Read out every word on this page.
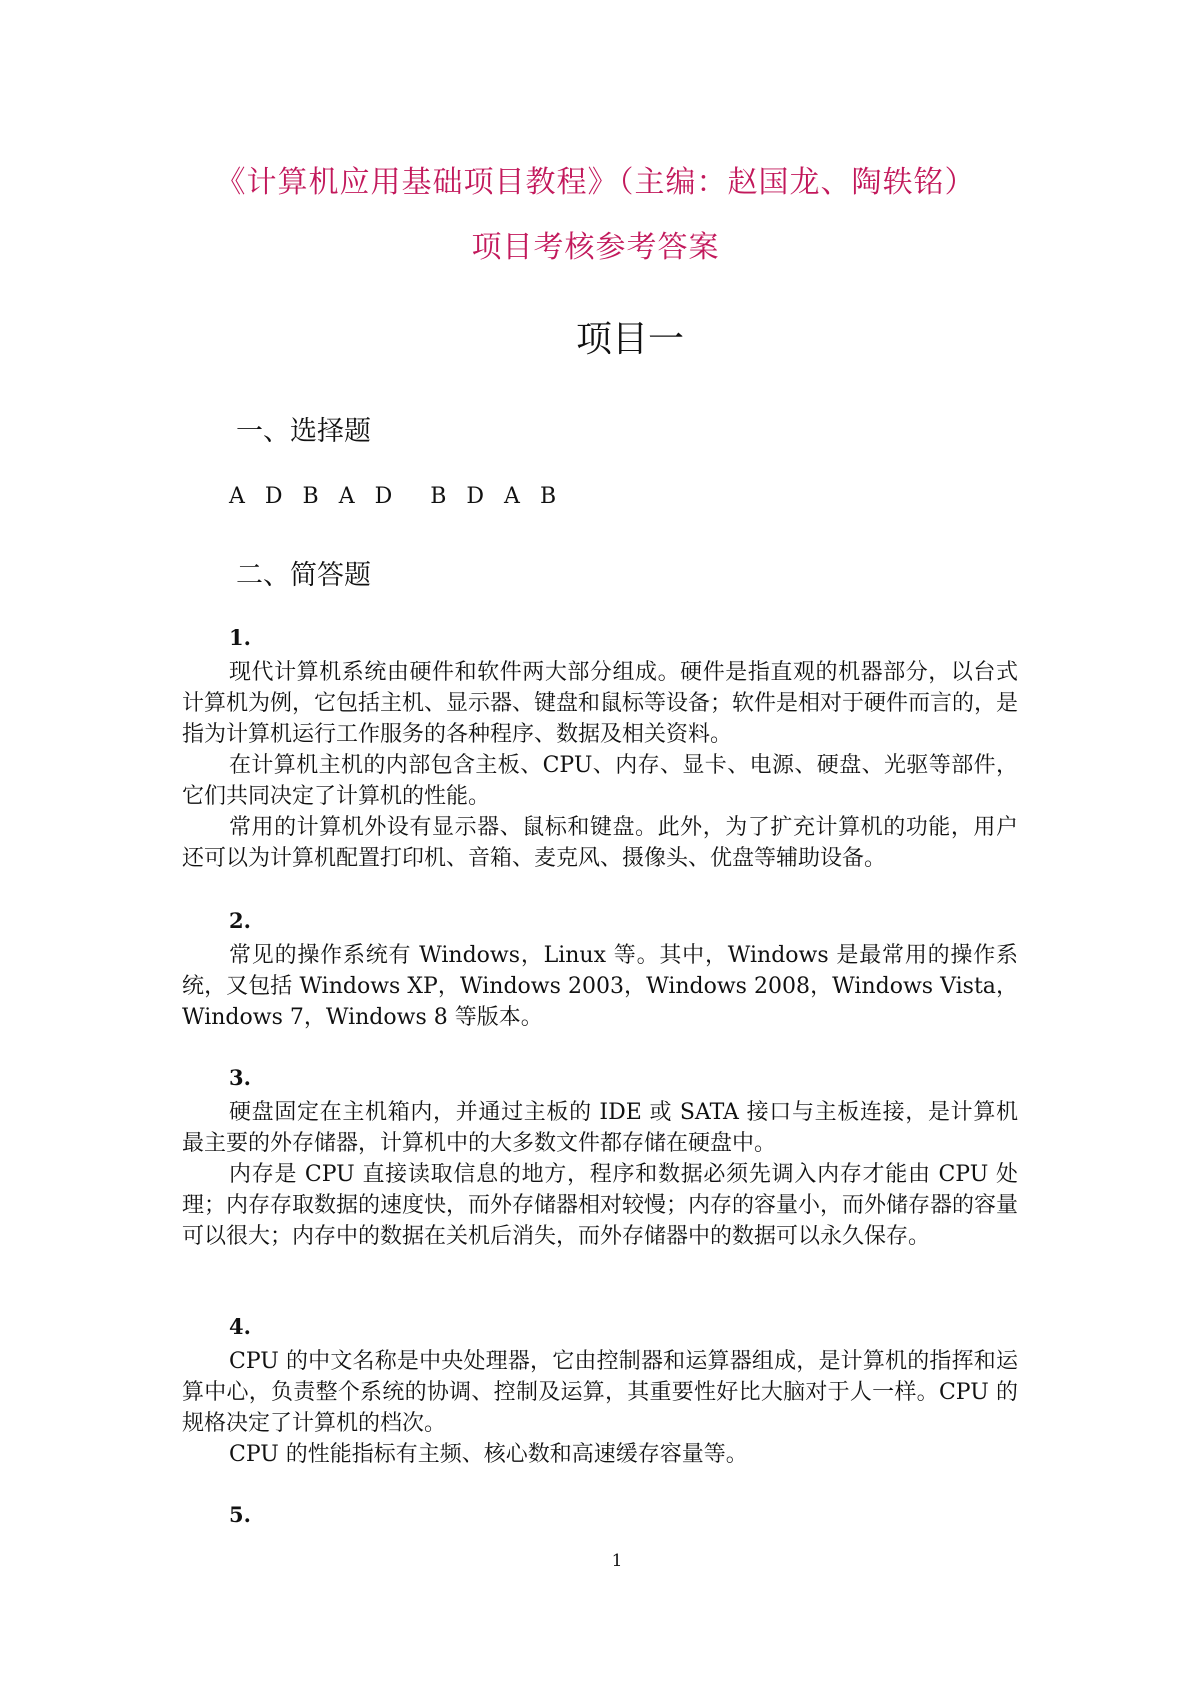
《计算机应用基础项目教程》（主编：赵国龙、陶轶铭）
项目考核参考答案
项目一
一、选择题

A D B A D B D A B

二、简答题

1.

现代计算机系统由硬件和软件两大部分组成。硬件是指直观的机器部分，以台式计算机为例，它包括主机、显示器、键盘和鼠标等设备；软件是相对于硬件而言的，是指为计算机运行工作服务的各种程序、数据及相关资料。

在计算机主机的内部包含主板、CPU、内存、显卡、电源、硬盘、光驱等部件，它们共同决定了计算机的性能。

常用的计算机外设有显示器、鼠标和键盘。此外，为了扩充计算机的功能，用户还可以为计算机配置打印机、音箱、麦克风、摄像头、优盘等辅助设备。

2.

常见的操作系统有 Windows，Linux 等。其中，Windows 是最常用的操作系统，又包括 Windows XP，Windows 2003，Windows 2008，Windows Vista，Windows 7，Windows 8 等版本。

3.

硬盘固定在主机箱内，并通过主板的 IDE 或 SATA 接口与主板连接，是计算机最主要的外存储器，计算机中的大多数文件都存储在硬盘中。

内存是 CPU 直接读取信息的地方，程序和数据必须先调入内存才能由 CPU 处理；内存存取数据的速度快，而外存储器相对较慢；内存的容量小，而外储存器的容量可以很大；内存中的数据在关机后消失，而外存储器中的数据可以永久保存。

4.

CPU 的中文名称是中央处理器，它由控制器和运算器组成，是计算机的指挥和运算中心，负责整个系统的协调、控制及运算，其重要性好比大脑对于人一样。CPU 的规格决定了计算机的档次。

CPU 的性能指标有主频、核心数和高速缓存容量等。

5.

1
